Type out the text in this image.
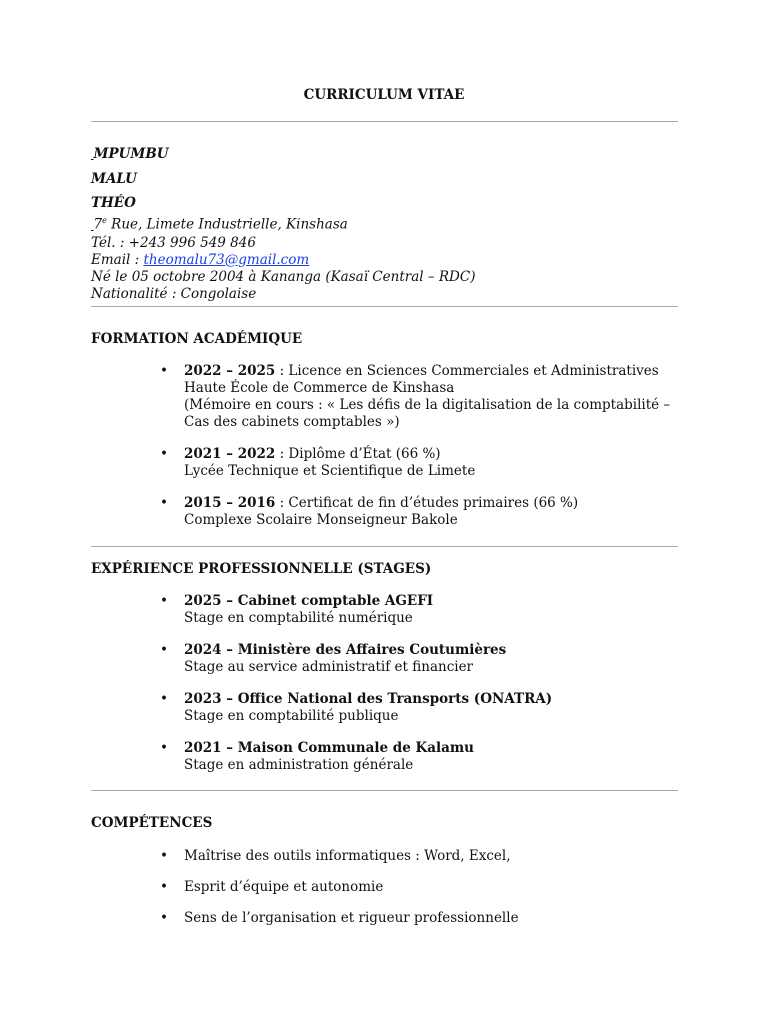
CURRICULUM VITAE
MPUMBU
MALU
THÉO
7e Rue, Limete Industrielle, Kinshasa
Tél. : +243 996 549 846
Email : theomalu73@gmail.com
Né le 05 octobre 2004 à Kananga (Kasaï Central – RDC)
Nationalité : Congolaise
FORMATION ACADÉMIQUE
• 2022 – 2025 : Licence en Sciences Commerciales et Administratives
Haute École de Commerce de Kinshasa
(Mémoire en cours : « Les défis de la digitalisation de la comptabilité – Cas des cabinets comptables »)
• 2021 – 2022 : Diplôme d’État (66 %)
Lycée Technique et Scientifique de Limete
• 2015 – 2016 : Certificat de fin d’études primaires (66 %)
Complexe Scolaire Monseigneur Bakole
EXPÉRIENCE PROFESSIONNELLE (STAGES)
• 2025 – Cabinet comptable AGEFI
Stage en comptabilité numérique
• 2024 – Ministère des Affaires Coutumières
Stage au service administratif et financier
• 2023 – Office National des Transports (ONATRA)
Stage en comptabilité publique
• 2021 – Maison Communale de Kalamu
Stage en administration générale
COMPÉTENCES
• Maîtrise des outils informatiques : Word, Excel,
• Esprit d’équipe et autonomie
• Sens de l’organisation et rigueur professionnelle
